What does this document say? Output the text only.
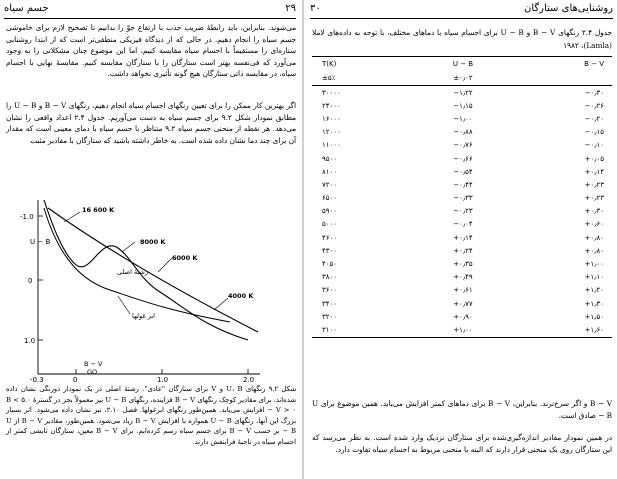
جسم سیاه	۲۹

می‌شوند. بنابراین، باید رابطهٔ ضریب جذب با ارتفاع جوّ را بدانیم تا تصحیح لازم برای خاموشی جسم سیاه را انجام دهیم. در حالی که از دیدگاه فیزیکی منطقی‌تر است که از ابتدا روشنایی ستاره‌ای را مستقیماً با اجسام سیاه مقایسه کنیم، اما این موضوع چنان مشکلاتی را به وجود می‌آورد که فی‌نفسه بهتر است ستارگان را با ستارگان مقایسه کنیم. مقایسهٔ نهایی با اجسام سیاه، در مقایسه ذاتی ستارگان هیچ گونه تأثیری نخواهد داشت.

اگر بهترین کار ممکن را برای تعیین رنگهای اجسام سیاه انجام دهیم، رنگهای B − V و U − B را مطابق نمودار شکل ۹.۲ برای جسم سیاه به دست می‌آوریم. جدول ۲.۴ اعداد واقعی را نشان می‌دهد. هر نقطه از منحنی جسم سیاه ۹.۲ متناظر با جسم سیاه با دمای معینی است که مقدار آن برای چند دما نشان داده شده است. به خاطر داشته باشید که ستارگان با مقادیر مثبت

-1.0
0
1.0
U − B
-0.3	0	1.0	2.0
B − V
GO
16 600 K
8000 K
6000 K
4000 K
رشتهٔ اصلی
ابر غولها

شکل ۹.۲ رنگهای U، B و V برای ستارگان "عادی". رشتهٔ اصلی در یک نمودار دورنگی نشان داده شده‌اند. برای مقادیر کوچک رنگهای B − V فزاینده، رنگهای U − B نیز معمولاً بجز در گسترهٔ ۵.۰ > B − V > ۰ افزایش می‌یابد. همین‌طور رنگهای ابرغولها. فصل ۲.۱۰، نیز نشان داده می‌شود. اثر بسیار بزرگ این آنها، رنگهای U − B همواره با افزایش B − V زیاد می‌شود. همین‌طور، مقادیر B − V از U − B بر حسب B − V برای جسم سیاه رسم کرده‌ایم. برای B − V معین، ستارگان تابشی کمتر از اجسام سیاه در ناحیهٔ فرابنفش دارند.

روشنایی‌های ستارگان
۳۰

جدول ۲.۴ رنگهای B − V و U − B برای اجسام سیاه با دماهای مختلف، با توجه به داده‌های لاملا (Lamla)، ۱۹۸۲

T(K)	U − B	B − V
±۵٪	±۰٫۰۲	
۳۰۰۰۰	−۱٫۲۲	−۰٫۳۰
۲۴۰۰۰	−۱٫۱۵	−۰٫۲۶
۱۶۰۰۰	−۱٫۰۰	−۰٫۲۰
۱۲۰۰۰	−۰٫۸۸	−۰٫۱۵
۱۱۰۰۰	−۰٫۷۶	−۰٫۱۰
۹۵۰۰	−۰٫۶۶	+۰٫۰۵
۸۱۰۰	−۰٫۵۴	+۰٫۱۴
۷۲۰۰	−۰٫۴۴	+۰٫۲۳
۶۵۰۰	−۰٫۳۳	+۰٫۲۳
۵۹۰۰	−۰٫۲۳	+۰٫۳۰
۵۰۰۰	−۰٫۰۴	+۰٫۶۰
۴۶۰۰	+۰٫۱۴	+۰٫۸۰
۴۳۰۰	+۰٫۲۴	+۰٫۸۰
۴۰۵۰	+۰٫۳۵	+۱٫۰۰
۳۸۰۰	+۰٫۴۹	+۱٫۱۰
۳۶۰۰	+۰٫۶۱	+۱٫۲۰
۳۴۰۰	+۰٫۷۷	+۱٫۳۰
۳۲۰۰	+۰٫۹۰	+۱٫۵۰
۳۱۰۰	+۱٫۰۰	+۱٫۶۰

B − V و اگر سرخ‌ترند. بنابراین، B − V برای دماهای کمتر افزایش می‌یابد. همین موضوع برای U − B صادق است.

در همین نمودار مقادیر اندازه‌گیری‌شده برای ستارگان نزدیک وارد شده است. به نظر می‌رسد که این ستارگان روی یک منحنی قرار دارند که البته با منحنی مربوط به اجسام سیاه تفاوت دارد.
